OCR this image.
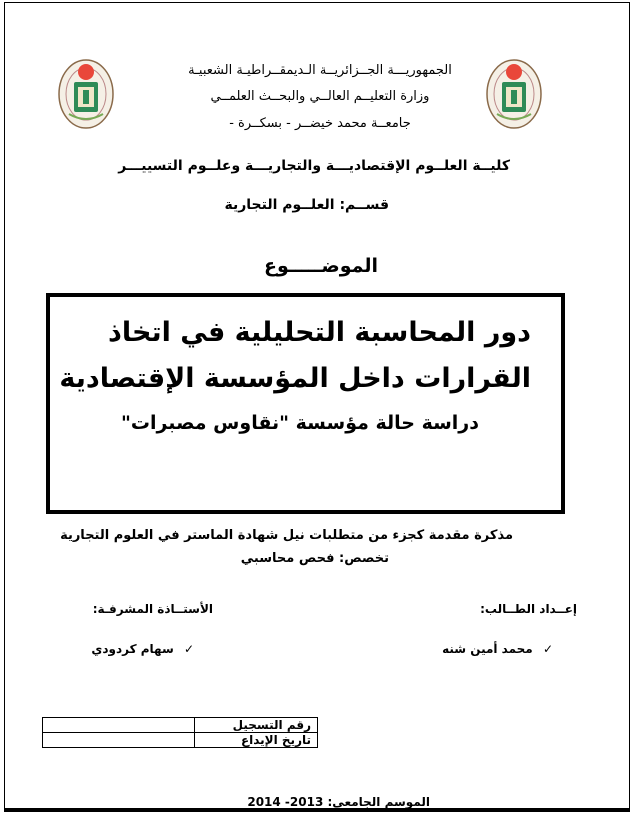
الجمهوريـــة الجــزائريــة الـديمقــراطيـة الشعبيـة
وزارة التعليــم العالــي والبحــث العلمــي
جامعــة محمد خيضــر - بسكــرة -
كليــة العلــوم الإقتصاديـــة والتجاريـــة وعلــوم التسييـــر
قســم: العلــوم التجارية
الموضـــــوع
دور المحاسبة التحليلية في اتخاذ
القرارات داخل المؤسسة الإقتصادية
دراسة حالة مؤسسة "نقاوس مصبرات"
مذكرة مقدمة كجزء من متطلبات نيل شهادة الماستر في العلوم التجارية
تخصص: فحص محاسبي
إعــداد الطــالب:
الأستــاذة المشرفـة:
✓ محمد أمين شنه
✓ سهام كردودي
رقم التسجيل	
تاريخ الإيداع	
الموسم الجامعي: 2013- 2014
